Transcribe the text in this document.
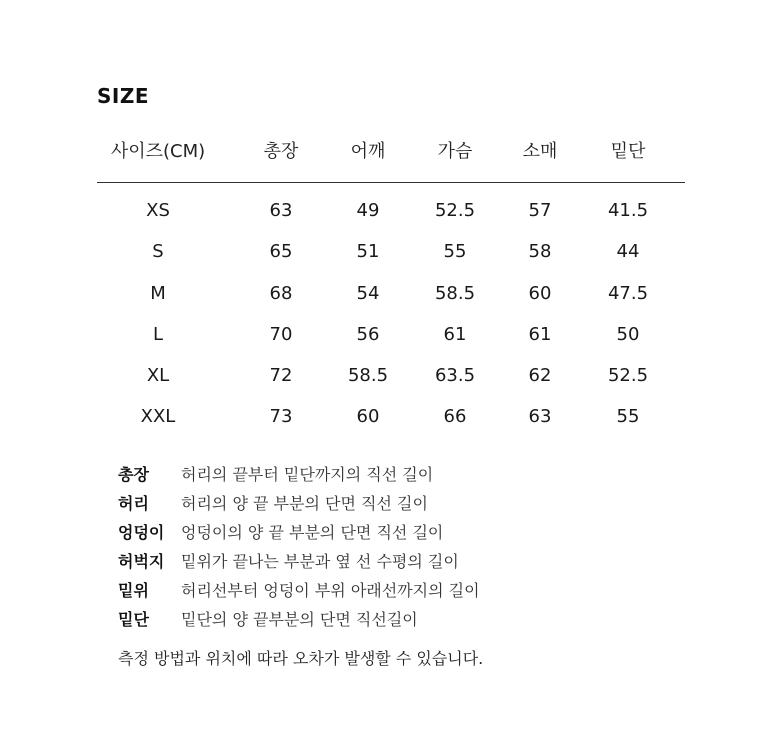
SIZE
사이즈(CM)	총장	어깨	가슴	소매	밑단
XS	63	49	52.5	57	41.5
S	65	51	55	58	44
M	68	54	58.5	60	47.5
L	70	56	61	61	50
XL	72	58.5	63.5	62	52.5
XXL	73	60	66	63	55
총장 허리의 끝부터 밑단까지의 직선 길이
허리 허리의 양 끝 부분의 단면 직선 길이
엉덩이 엉덩이의 양 끝 부분의 단면 직선 길이
허벅지 밑위가 끝나는 부분과 옆 선 수평의 길이
밑위 허리선부터 엉덩이 부위 아래선까지의 길이
밑단 밑단의 양 끝부분의 단면 직선길이
측정 방법과 위치에 따라 오차가 발생할 수 있습니다.
